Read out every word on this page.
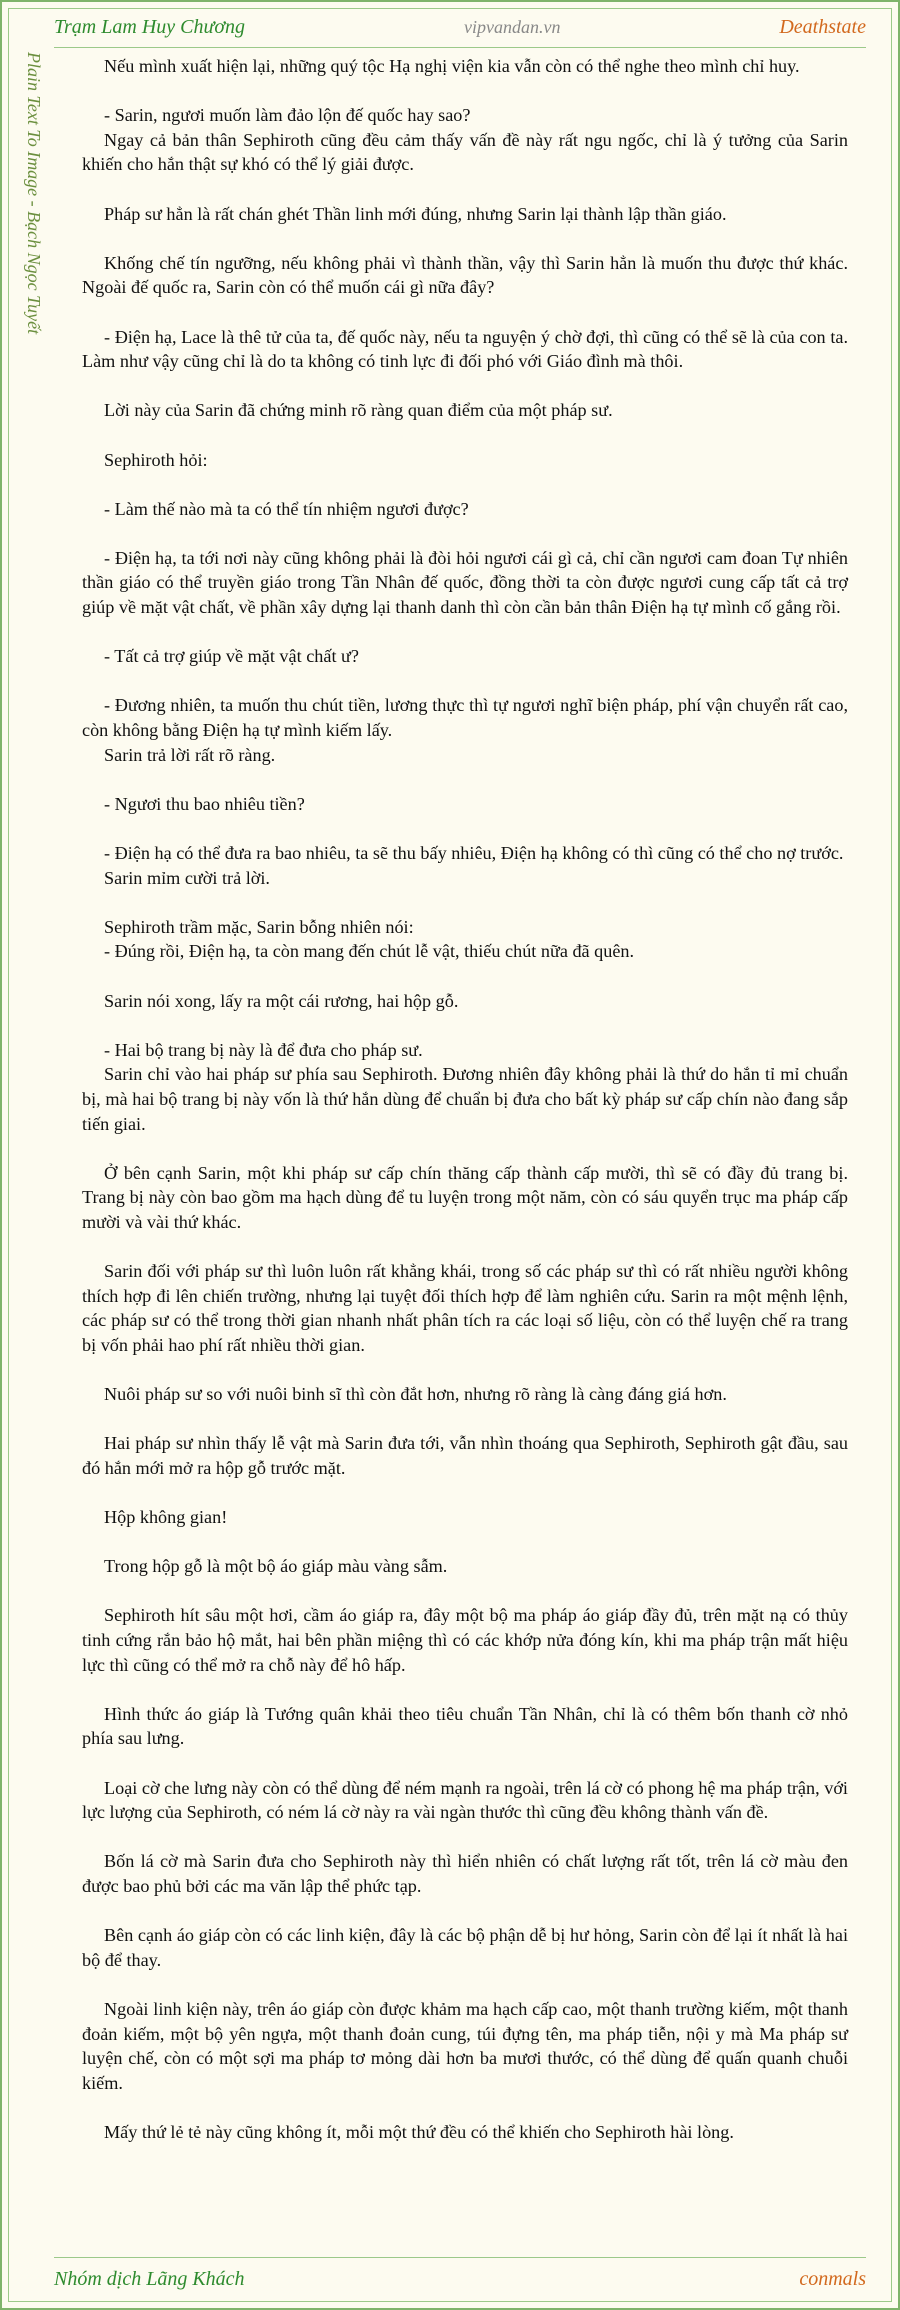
Trạm Lam Huy Chương	vipvandan.vn	Deathstate
Plain Text To Image - Bạch Ngọc Tuyết	Nếu mình xuất hiện lại, những quý tộc Hạ nghị viện kia vẫn còn có thể nghe theo mình chỉ huy.

- Sarin, ngươi muốn làm đảo lộn đế quốc hay sao?

Ngay cả bản thân Sephiroth cũng đều cảm thấy vấn đề này rất ngu ngốc, chỉ là ý tưởng của Sarin khiến cho hắn thật sự khó có thể lý giải được.

Pháp sư hẳn là rất chán ghét Thần linh mới đúng, nhưng Sarin lại thành lập thần giáo.

Khống chế tín ngưỡng, nếu không phải vì thành thần, vậy thì Sarin hẳn là muốn thu được thứ khác. Ngoài đế quốc ra, Sarin còn có thể muốn cái gì nữa đây?

- Điện hạ, Lace là thê tử của ta, đế quốc này, nếu ta nguyện ý chờ đợi, thì cũng có thể sẽ là của con ta. Làm như vậy cũng chỉ là do ta không có tinh lực đi đối phó với Giáo đình mà thôi.

Lời này của Sarin đã chứng minh rõ ràng quan điểm của một pháp sư.

Sephiroth hỏi:

- Làm thế nào mà ta có thể tín nhiệm ngươi được?

- Điện hạ, ta tới nơi này cũng không phải là đòi hỏi ngươi cái gì cả, chỉ cần ngươi cam đoan Tự nhiên thần giáo có thể truyền giáo trong Tần Nhân đế quốc, đồng thời ta còn được ngươi cung cấp tất cả trợ giúp về mặt vật chất, về phần xây dựng lại thanh danh thì còn cần bản thân Điện hạ tự mình cố gắng rồi.

- Tất cả trợ giúp về mặt vật chất ư?

- Đương nhiên, ta muốn thu chút tiền, lương thực thì tự ngươi nghĩ biện pháp, phí vận chuyển rất cao, còn không bằng Điện hạ tự mình kiếm lấy.

Sarin trả lời rất rõ ràng.

- Ngươi thu bao nhiêu tiền?

- Điện hạ có thể đưa ra bao nhiêu, ta sẽ thu bấy nhiêu, Điện hạ không có thì cũng có thể cho nợ trước.

Sarin mỉm cười trả lời.

Sephiroth trầm mặc, Sarin bỗng nhiên nói:

- Đúng rồi, Điện hạ, ta còn mang đến chút lễ vật, thiếu chút nữa đã quên.

Sarin nói xong, lấy ra một cái rương, hai hộp gỗ.

- Hai bộ trang bị này là để đưa cho pháp sư.

Sarin chỉ vào hai pháp sư phía sau Sephiroth. Đương nhiên đây không phải là thứ do hắn tỉ mỉ chuẩn bị, mà hai bộ trang bị này vốn là thứ hắn dùng để chuẩn bị đưa cho bất kỳ pháp sư cấp chín nào đang sắp tiến giai.

Ở bên cạnh Sarin, một khi pháp sư cấp chín thăng cấp thành cấp mười, thì sẽ có đầy đủ trang bị. Trang bị này còn bao gồm ma hạch dùng để tu luyện trong một năm, còn có sáu quyển trục ma pháp cấp mười và vài thứ khác.

Sarin đối với pháp sư thì luôn luôn rất khẳng khái, trong số các pháp sư thì có rất nhiều người không thích hợp đi lên chiến trường, nhưng lại tuyệt đối thích hợp để làm nghiên cứu. Sarin ra một mệnh lệnh, các pháp sư có thể trong thời gian nhanh nhất phân tích ra các loại số liệu, còn có thể luyện chế ra trang bị vốn phải hao phí rất nhiều thời gian.

Nuôi pháp sư so với nuôi binh sĩ thì còn đắt hơn, nhưng rõ ràng là càng đáng giá hơn.

Hai pháp sư nhìn thấy lễ vật mà Sarin đưa tới, vẫn nhìn thoáng qua Sephiroth, Sephiroth gật đầu, sau đó hắn mới mở ra hộp gỗ trước mặt.

Hộp không gian!

Trong hộp gỗ là một bộ áo giáp màu vàng sẫm.

Sephiroth hít sâu một hơi, cầm áo giáp ra, đây một bộ ma pháp áo giáp đầy đủ, trên mặt nạ có thủy tinh cứng rắn bảo hộ mắt, hai bên phần miệng thì có các khớp nửa đóng kín, khi ma pháp trận mất hiệu lực thì cũng có thể mở ra chỗ này để hô hấp.

Hình thức áo giáp là Tướng quân khải theo tiêu chuẩn Tần Nhân, chỉ là có thêm bốn thanh cờ nhỏ phía sau lưng.

Loại cờ che lưng này còn có thể dùng để ném mạnh ra ngoài, trên lá cờ có phong hệ ma pháp trận, với lực lượng của Sephiroth, có ném lá cờ này ra vài ngàn thước thì cũng đều không thành vấn đề.

Bốn lá cờ mà Sarin đưa cho Sephiroth này thì hiển nhiên có chất lượng rất tốt, trên lá cờ màu đen được bao phủ bởi các ma văn lập thể phức tạp.

Bên cạnh áo giáp còn có các linh kiện, đây là các bộ phận dễ bị hư hỏng, Sarin còn để lại ít nhất là hai bộ để thay.

Ngoài linh kiện này, trên áo giáp còn được khảm ma hạch cấp cao, một thanh trường kiếm, một thanh đoản kiếm, một bộ yên ngựa, một thanh đoản cung, túi đựng tên, ma pháp tiễn, nội y mà Ma pháp sư luyện chế, còn có một sợi ma pháp tơ mỏng dài hơn ba mươi thước, có thể dùng để quấn quanh chuỗi kiếm.

Mấy thứ lẻ tẻ này cũng không ít, mỗi một thứ đều có thể khiến cho Sephiroth hài lòng.

Nhóm dịch Lãng Khách	conmals
